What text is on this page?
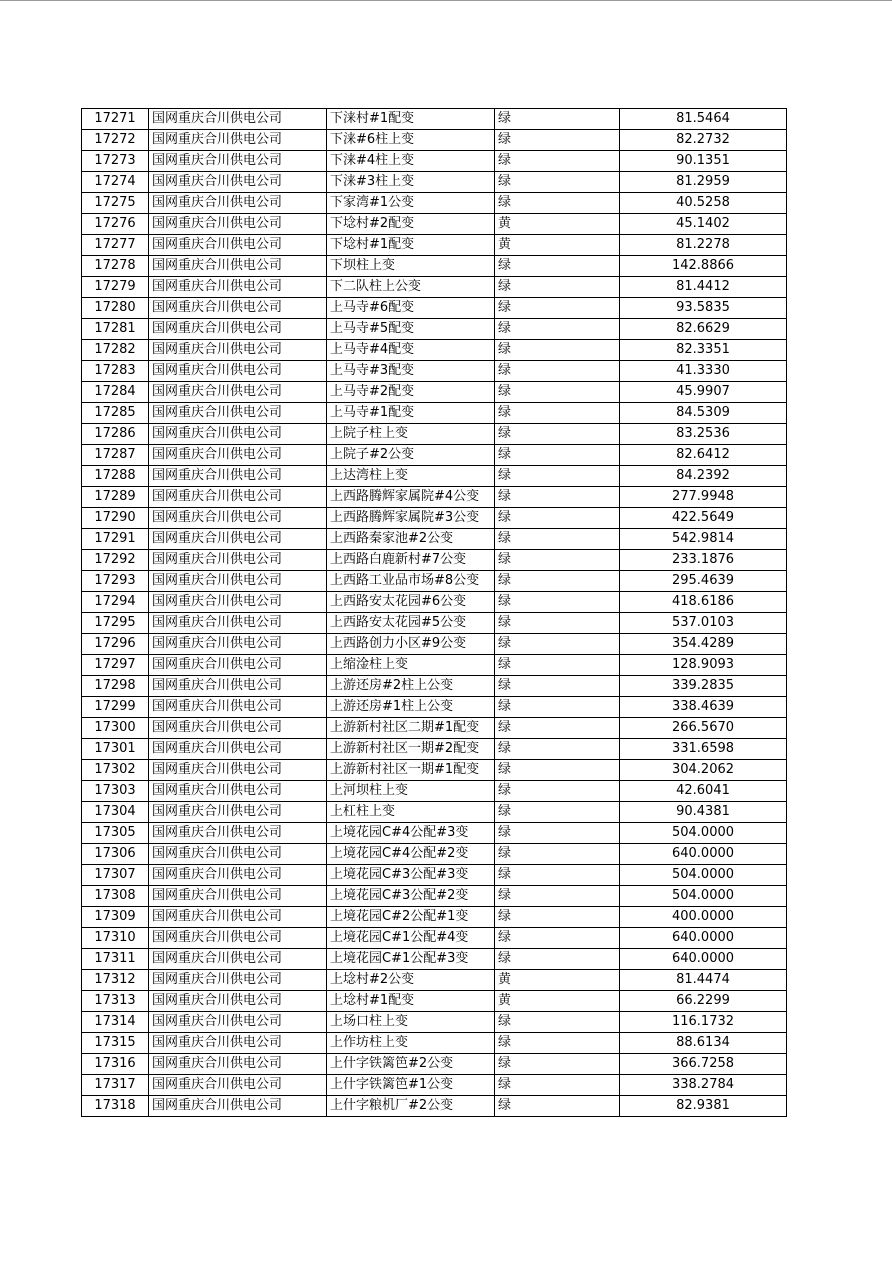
17271	国网重庆合川供电公司	下涞村#1配变	绿	81.5464
17272	国网重庆合川供电公司	下涞#6柱上变	绿	82.2732
17273	国网重庆合川供电公司	下涞#4柱上变	绿	90.1351
17274	国网重庆合川供电公司	下涞#3柱上变	绿	81.2959
17275	国网重庆合川供电公司	下家湾#1公变	绿	40.5258
17276	国网重庆合川供电公司	下埝村#2配变	黄	45.1402
17277	国网重庆合川供电公司	下埝村#1配变	黄	81.2278
17278	国网重庆合川供电公司	下坝柱上变	绿	142.8866
17279	国网重庆合川供电公司	下二队柱上公变	绿	81.4412
17280	国网重庆合川供电公司	上马寺#6配变	绿	93.5835
17281	国网重庆合川供电公司	上马寺#5配变	绿	82.6629
17282	国网重庆合川供电公司	上马寺#4配变	绿	82.3351
17283	国网重庆合川供电公司	上马寺#3配变	绿	41.3330
17284	国网重庆合川供电公司	上马寺#2配变	绿	45.9907
17285	国网重庆合川供电公司	上马寺#1配变	绿	84.5309
17286	国网重庆合川供电公司	上院子柱上变	绿	83.2536
17287	国网重庆合川供电公司	上院子#2公变	绿	82.6412
17288	国网重庆合川供电公司	上达湾柱上变	绿	84.2392
17289	国网重庆合川供电公司	上西路腾辉家属院#4公变	绿	277.9948
17290	国网重庆合川供电公司	上西路腾辉家属院#3公变	绿	422.5649
17291	国网重庆合川供电公司	上西路秦家池#2公变	绿	542.9814
17292	国网重庆合川供电公司	上西路白鹿新村#7公变	绿	233.1876
17293	国网重庆合川供电公司	上西路工业品市场#8公变	绿	295.4639
17294	国网重庆合川供电公司	上西路安太花园#6公变	绿	418.6186
17295	国网重庆合川供电公司	上西路安太花园#5公变	绿	537.0103
17296	国网重庆合川供电公司	上西路创力小区#9公变	绿	354.4289
17297	国网重庆合川供电公司	上缩淦柱上变	绿	128.9093
17298	国网重庆合川供电公司	上游还房#2柱上公变	绿	339.2835
17299	国网重庆合川供电公司	上游还房#1柱上公变	绿	338.4639
17300	国网重庆合川供电公司	上游新村社区二期#1配变	绿	266.5670
17301	国网重庆合川供电公司	上游新村社区一期#2配变	绿	331.6598
17302	国网重庆合川供电公司	上游新村社区一期#1配变	绿	304.2062
17303	国网重庆合川供电公司	上河坝柱上变	绿	42.6041
17304	国网重庆合川供电公司	上杠柱上变	绿	90.4381
17305	国网重庆合川供电公司	上境花园C#4公配#3变	绿	504.0000
17306	国网重庆合川供电公司	上境花园C#4公配#2变	绿	640.0000
17307	国网重庆合川供电公司	上境花园C#3公配#3变	绿	504.0000
17308	国网重庆合川供电公司	上境花园C#3公配#2变	绿	504.0000
17309	国网重庆合川供电公司	上境花园C#2公配#1变	绿	400.0000
17310	国网重庆合川供电公司	上境花园C#1公配#4变	绿	640.0000
17311	国网重庆合川供电公司	上境花园C#1公配#3变	绿	640.0000
17312	国网重庆合川供电公司	上埝村#2公变	黄	81.4474
17313	国网重庆合川供电公司	上埝村#1配变	黄	66.2299
17314	国网重庆合川供电公司	上场口柱上变	绿	116.1732
17315	国网重庆合川供电公司	上作坊柱上变	绿	88.6134
17316	国网重庆合川供电公司	上什字铁篱笆#2公变	绿	366.7258
17317	国网重庆合川供电公司	上什字铁篱笆#1公变	绿	338.2784
17318	国网重庆合川供电公司	上什字粮机厂#2公变	绿	82.9381
